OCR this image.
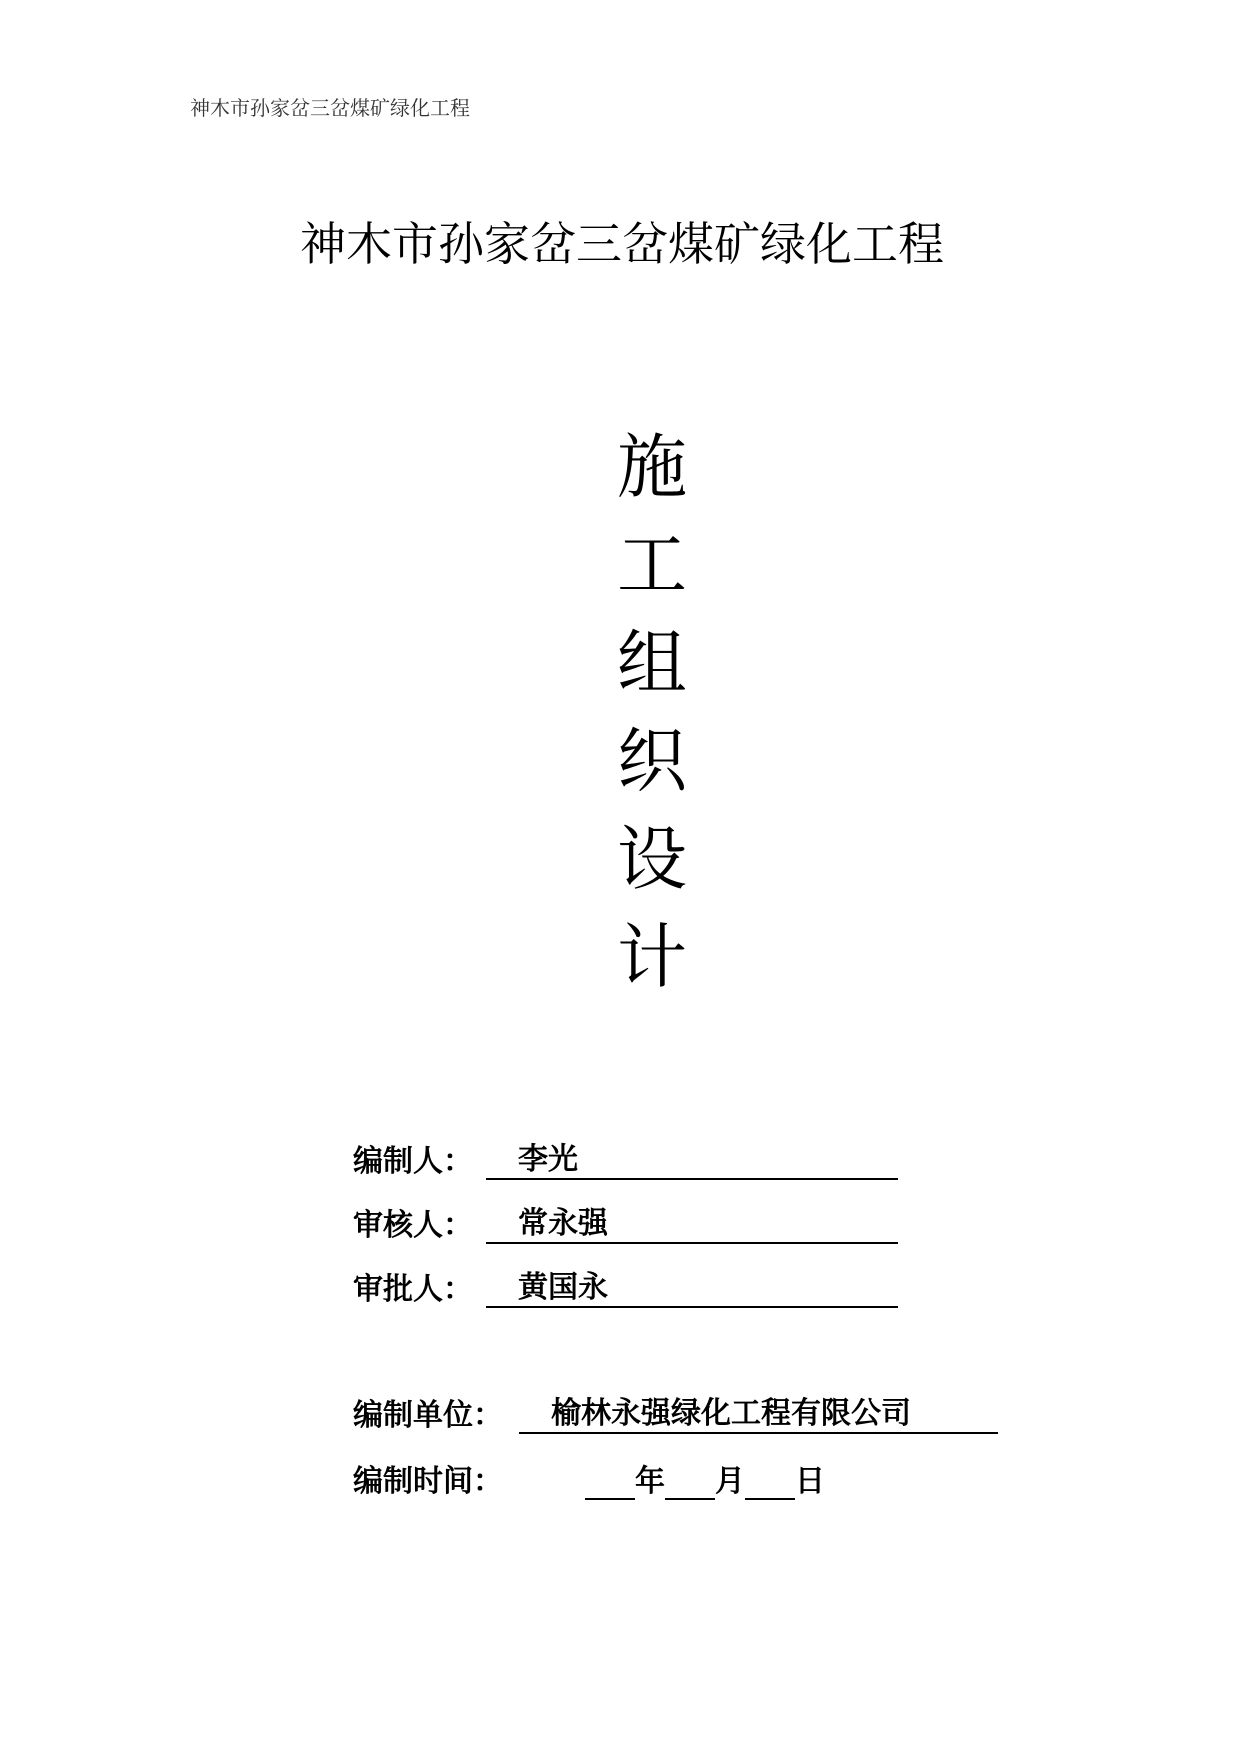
神木市孙家岔三岔煤矿绿化工程
神木市孙家岔三岔煤矿绿化工程
施
工
组
织
设
计
编制人：	李光
审核人：	常永强
审批人：	黄国永
编制单位：	榆林永强绿化工程有限公司
编制时间：	年 月 日
